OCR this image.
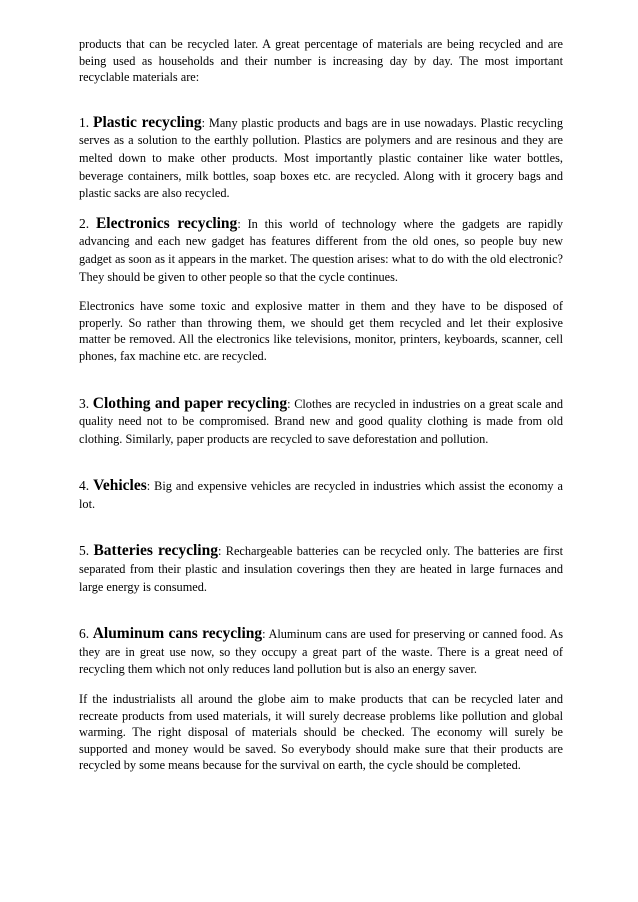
products that can be recycled later. A great percentage of materials are being recycled and are being used as households and their number is increasing day by day. The most important recyclable materials are:

1. Plastic recycling: Many plastic products and bags are in use nowadays. Plastic recycling serves as a solution to the earthly pollution. Plastics are polymers and are resinous and they are melted down to make other products. Most importantly plastic container like water bottles, beverage containers, milk bottles, soap boxes etc. are recycled. Along with it grocery bags and plastic sacks are also recycled.

2. Electronics recycling: In this world of technology where the gadgets are rapidly advancing and each new gadget has features different from the old ones, so people buy new gadget as soon as it appears in the market. The question arises: what to do with the old electronic? They should be given to other people so that the cycle continues.

Electronics have some toxic and explosive matter in them and they have to be disposed of properly. So rather than throwing them, we should get them recycled and let their explosive matter be removed. All the electronics like televisions, monitor, printers, keyboards, scanner, cell phones, fax machine etc. are recycled.

3. Clothing and paper recycling: Clothes are recycled in industries on a great scale and quality need not to be compromised. Brand new and good quality clothing is made from old clothing. Similarly, paper products are recycled to save deforestation and pollution.

4. Vehicles: Big and expensive vehicles are recycled in industries which assist the economy a lot.

5. Batteries recycling: Rechargeable batteries can be recycled only. The batteries are first separated from their plastic and insulation coverings then they are heated in large furnaces and large energy is consumed.

6. Aluminum cans recycling: Aluminum cans are used for preserving or canned food. As they are in great use now, so they occupy a great part of the waste. There is a great need of recycling them which not only reduces land pollution but is also an energy saver.

If the industrialists all around the globe aim to make products that can be recycled later and recreate products from used materials, it will surely decrease problems like pollution and global warming. The right disposal of materials should be checked. The economy will surely be supported and money would be saved. So everybody should make sure that their products are recycled by some means because for the survival on earth, the cycle should be completed.
